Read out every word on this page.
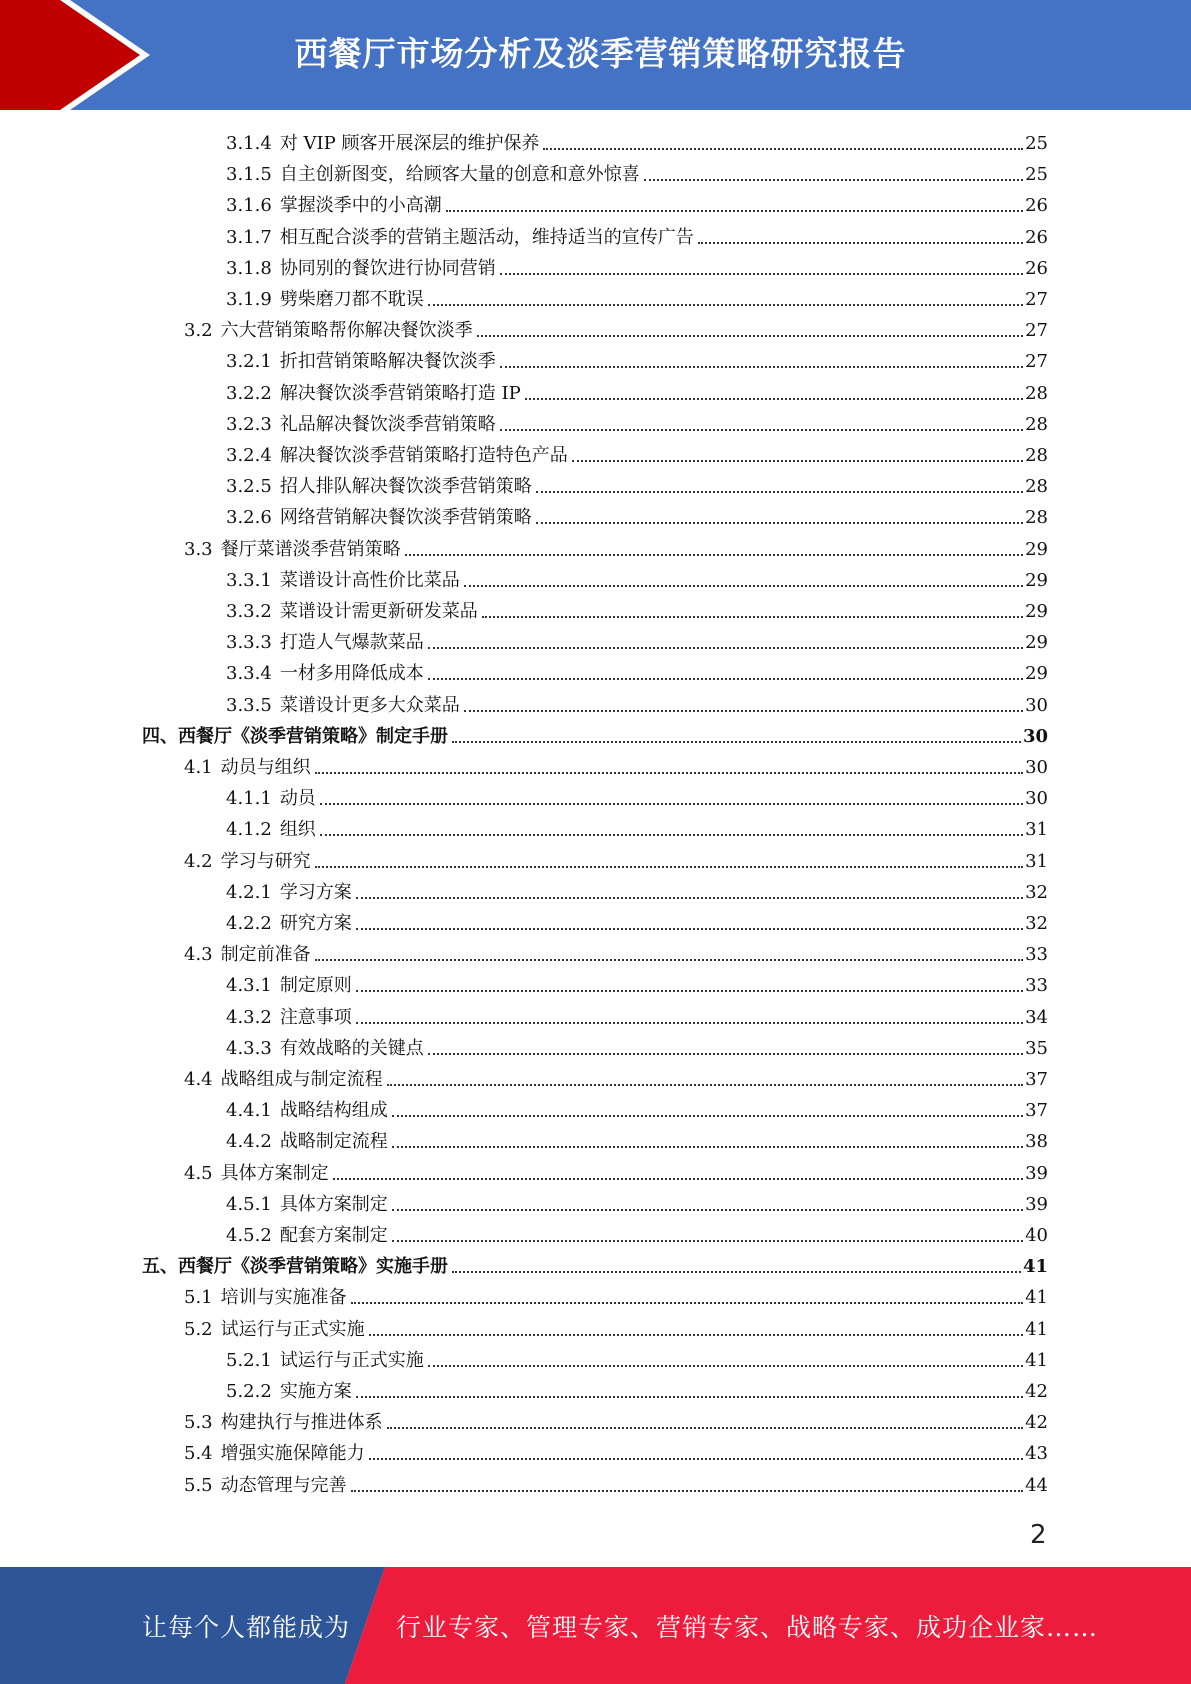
西餐厅市场分析及淡季营销策略研究报告
3.1.4 对 VIP 顾客开展深层的维护保养	25
3.1.5 自主创新图变，给顾客大量的创意和意外惊喜	25
3.1.6 掌握淡季中的小高潮	26
3.1.7 相互配合淡季的营销主题活动，维持适当的宣传广告	26
3.1.8 协同别的餐饮进行协同营销	26
3.1.9 劈柴磨刀都不耽误	27
3.2 六大营销策略帮你解决餐饮淡季	27
3.2.1 折扣营销策略解决餐饮淡季	27
3.2.2 解决餐饮淡季营销策略打造 IP	28
3.2.3 礼品解决餐饮淡季营销策略	28
3.2.4 解决餐饮淡季营销策略打造特色产品	28
3.2.5 招人排队解决餐饮淡季营销策略	28
3.2.6 网络营销解决餐饮淡季营销策略	28
3.3 餐厅菜谱淡季营销策略	29
3.3.1 菜谱设计高性价比菜品	29
3.3.2 菜谱设计需更新研发菜品	29
3.3.3 打造人气爆款菜品	29
3.3.4 一材多用降低成本	29
3.3.5 菜谱设计更多大众菜品	30
四、西餐厅《淡季营销策略》制定手册	30
4.1 动员与组织	30
4.1.1 动员	30
4.1.2 组织	31
4.2 学习与研究	31
4.2.1 学习方案	32
4.2.2 研究方案	32
4.3 制定前准备	33
4.3.1 制定原则	33
4.3.2 注意事项	34
4.3.3 有效战略的关键点	35
4.4 战略组成与制定流程	37
4.4.1 战略结构组成	37
4.4.2 战略制定流程	38
4.5 具体方案制定	39
4.5.1 具体方案制定	39
4.5.2 配套方案制定	40
五、西餐厅《淡季营销策略》实施手册	41
5.1 培训与实施准备	41
5.2 试运行与正式实施	41
5.2.1 试运行与正式实施	41
5.2.2 实施方案	42
5.3 构建执行与推进体系	42
5.4 增强实施保障能力	43
5.5 动态管理与完善	44
2
让每个人都能成为 行业专家、管理专家、营销专家、战略专家、成功企业家……
